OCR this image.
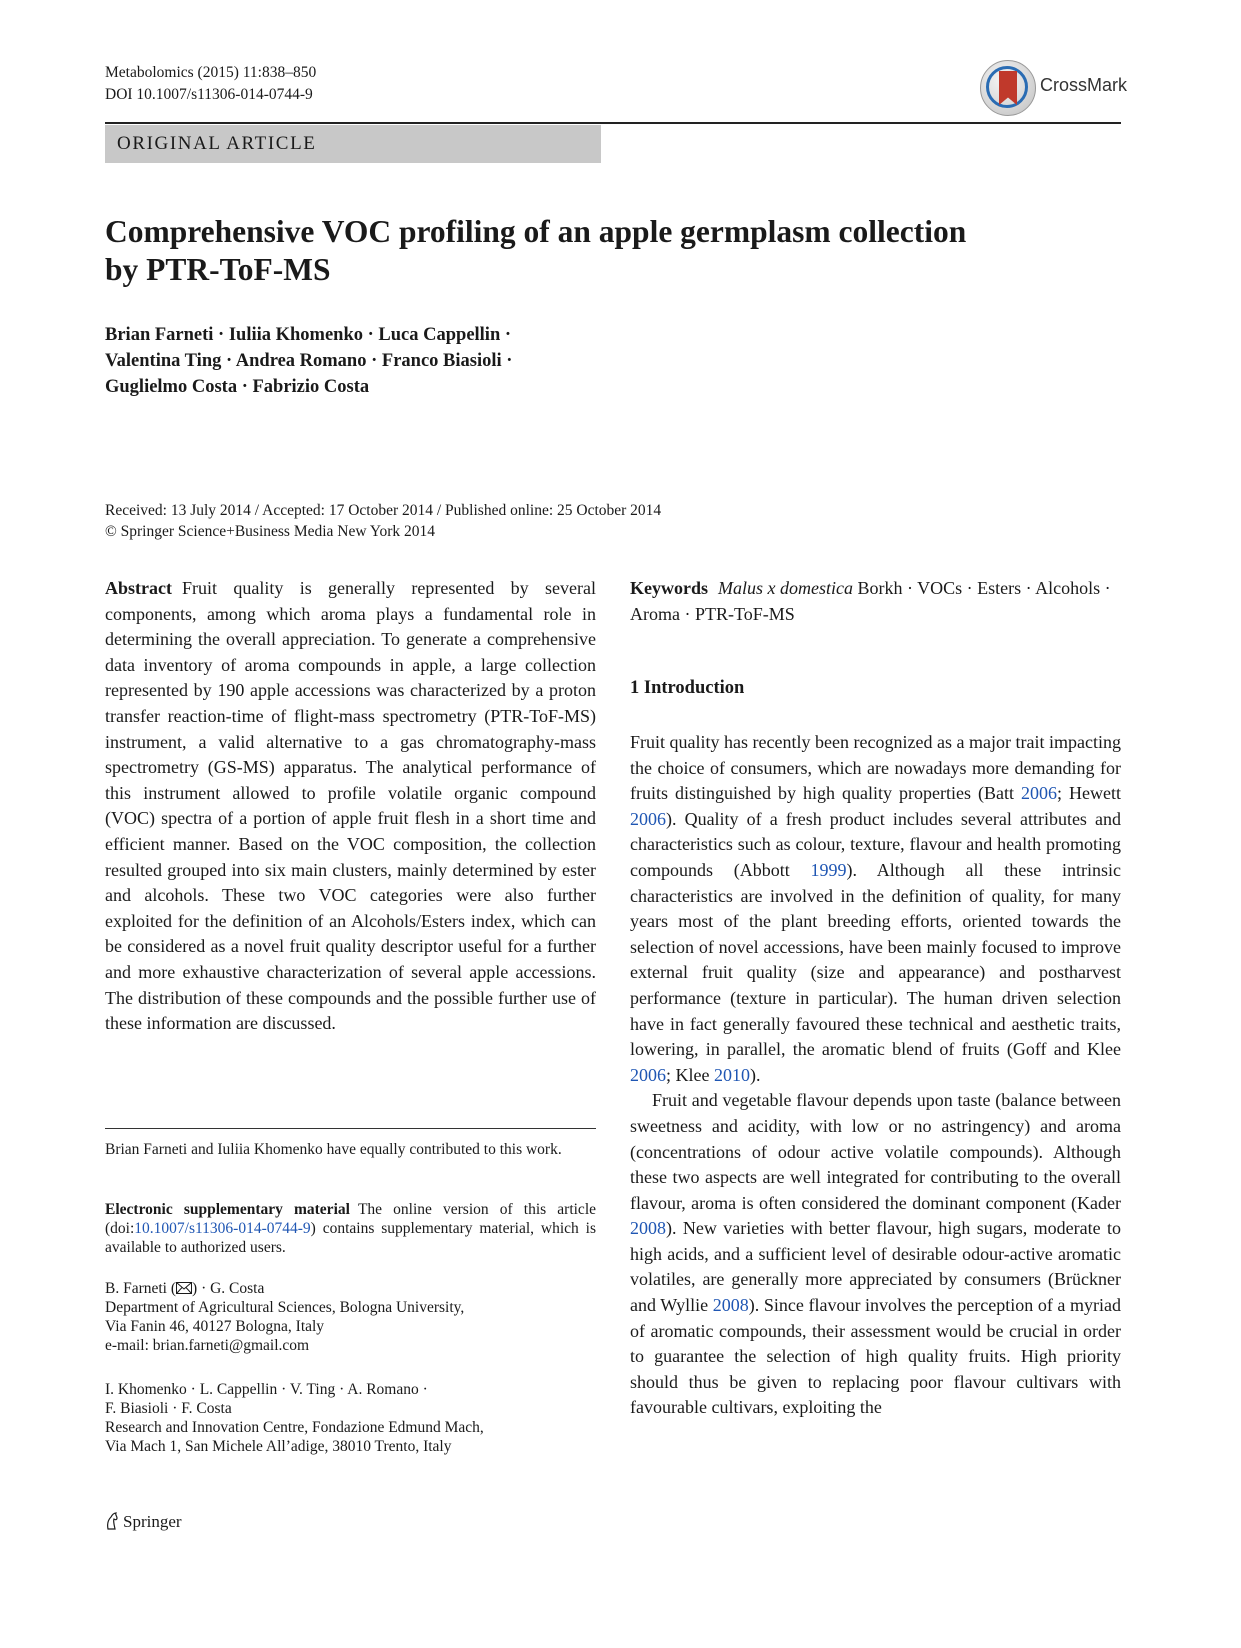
Metabolomics (2015) 11:838–850
DOI 10.1007/s11306-014-0744-9	CrossMark
ORIGINAL ARTICLE
Comprehensive VOC profiling of an apple germplasm collection
by PTR-ToF-MS
Brian Farneti · Iuliia Khomenko · Luca Cappellin ·
Valentina Ting · Andrea Romano · Franco Biasioli ·
Guglielmo Costa · Fabrizio Costa
Received: 13 July 2014 / Accepted: 17 October 2014 / Published online: 25 October 2014
© Springer Science+Business Media New York 2014
Abstract Fruit quality is generally represented by several components, among which aroma plays a fundamental role in determining the overall appreciation. To generate a comprehensive data inventory of aroma compounds in apple, a large collection represented by 190 apple accessions was characterized by a proton transfer reaction-time of flight-mass spectrometry (PTR-ToF-MS) instrument, a valid alternative to a gas chromatography-mass spectrometry (GS-MS) apparatus. The analytical performance of this instrument allowed to profile volatile organic compound (VOC) spectra of a portion of apple fruit flesh in a short time and efficient manner. Based on the VOC composition, the collection resulted grouped into six main clusters, mainly determined by ester and alcohols. These two VOC categories were also further exploited for the definition of an Alcohols/Esters index, which can be considered as a novel fruit quality descriptor useful for a further and more exhaustive characterization of several apple accessions. The distribution of these compounds and the possible further use of these information are discussed.
Keywords Malus x domestica Borkh · VOCs · Esters · Alcohols · Aroma · PTR-ToF-MS
1 Introduction

Fruit quality has recently been recognized as a major trait impacting the choice of consumers, which are nowadays more demanding for fruits distinguished by high quality properties (Batt 2006; Hewett 2006). Quality of a fresh product includes several attributes and characteristics such as colour, texture, flavour and health promoting compounds (Abbott 1999). Although all these intrinsic characteristics are involved in the definition of quality, for many years most of the plant breeding efforts, oriented towards the selection of novel accessions, have been mainly focused to improve external fruit quality (size and appearance) and postharvest performance (texture in particular). The human driven selection have in fact generally favoured these technical and aesthetic traits, lowering, in parallel, the aromatic blend of fruits (Goff and Klee 2006; Klee 2010).

Fruit and vegetable flavour depends upon taste (balance between sweetness and acidity, with low or no astringency) and aroma (concentrations of odour active volatile compounds). Although these two aspects are well integrated for contributing to the overall flavour, aroma is often considered the dominant component (Kader 2008). New varieties with better flavour, high sugars, moderate to high acids, and a sufficient level of desirable odour-active aromatic volatiles, are generally more appreciated by consumers (Brückner and Wyllie 2008). Since flavour involves the perception of a myriad of aromatic compounds, their assessment would be crucial in order to guarantee the selection of high quality fruits. High priority should thus be given to replacing poor flavour cultivars with favourable cultivars, exploiting the

Brian Farneti and Iuliia Khomenko have equally contributed to this work.

Electronic supplementary material The online version of this article (doi:10.1007/s11306-014-0744-9) contains supplementary material, which is available to authorized users.

B. Farneti ( ) · G. Costa

Department of Agricultural Sciences, Bologna University,

Via Fanin 46, 40127 Bologna, Italy

e-mail: brian.farneti@gmail.com

I. Khomenko · L. Cappellin · V. Ting · A. Romano ·

F. Biasioli · F. Costa

Research and Innovation Centre, Fondazione Edmund Mach,

Via Mach 1, San Michele All’adige, 38010 Trento, Italy

Springer
